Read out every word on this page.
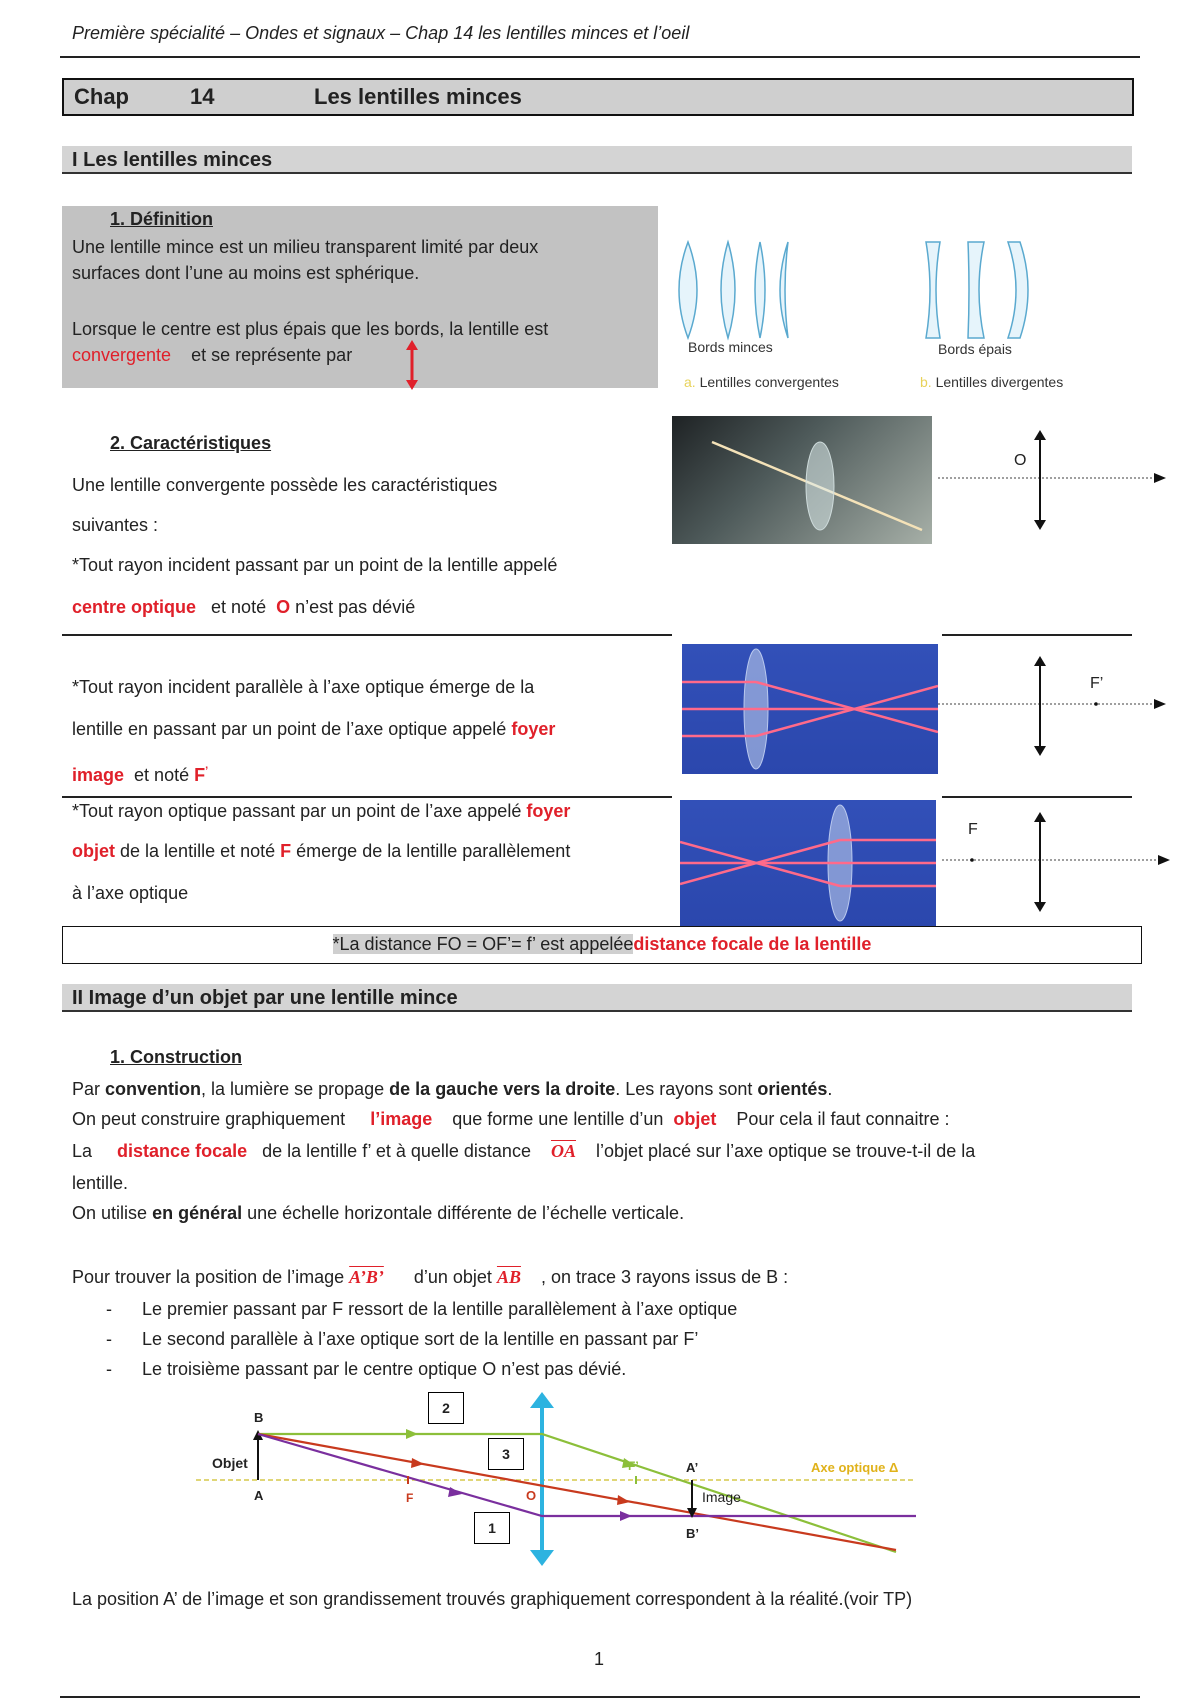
Première spécialité – Ondes et signaux – Chap 14 les lentilles minces et l’oeil
Chap	14	Les lentilles minces
I Les lentilles minces
1. Définition
Une lentille mince est un milieu transparent limité par deux
surfaces dont l’une au moins est sphérique.
Lorsque le centre est plus épais que les bords, la lentille est
convergente et se représente par	Bords minces	Bords épais
a. Lentilles convergentes	b. Lentilles divergentes
2. Caractéristiques
Une lentille convergente possède les caractéristiques
suivantes :
*Tout rayon incident passant par un point de la lentille appelé
centre optique et noté O n’est pas dévié
O
*Tout rayon incident parallèle à l’axe optique émerge de la
lentille en passant par un point de l’axe optique appelé foyer
image et noté F’
F’
*Tout rayon optique passant par un point de l’axe appelé foyer
objet de la lentille et noté F émerge de la lentille parallèlement
à l’axe optique
F
*La distance FO = OF’= f’ est appeléedistance focale de la lentille
II Image d’un objet par une lentille mince
1. Construction
Par convention, la lumière se propage de la gauche vers la droite. Les rayons sont orientés.
On peut construire graphiquement l’image que forme une lentille d’un objet Pour cela il faut connaitre :
La distance focale de la lentille f’ et à quelle distance $\overline{OA}$ l’objet placé sur l’axe optique se trouve-t-il de la
lentille.
On utilise en général une échelle horizontale différente de l’échelle verticale.
Pour trouver la position de l’image A’B’ d’un objet $\overline{AB}$ , on trace 3 rayons issus de B :
- Le premier passant par F ressort de la lentille parallèlement à l’axe optique
- Le second parallèle à l’axe optique sort de la lentille en passant par F’
- Le troisième passant par le centre optique O n’est pas dévié.
B
A
Objet
F	O
F’	A’
Image
B’
Axe optique Δ
2
3
1
La position A’ de l’image et son grandissement trouvés graphiquement correspondent à la réalité.(voir TP)
1
